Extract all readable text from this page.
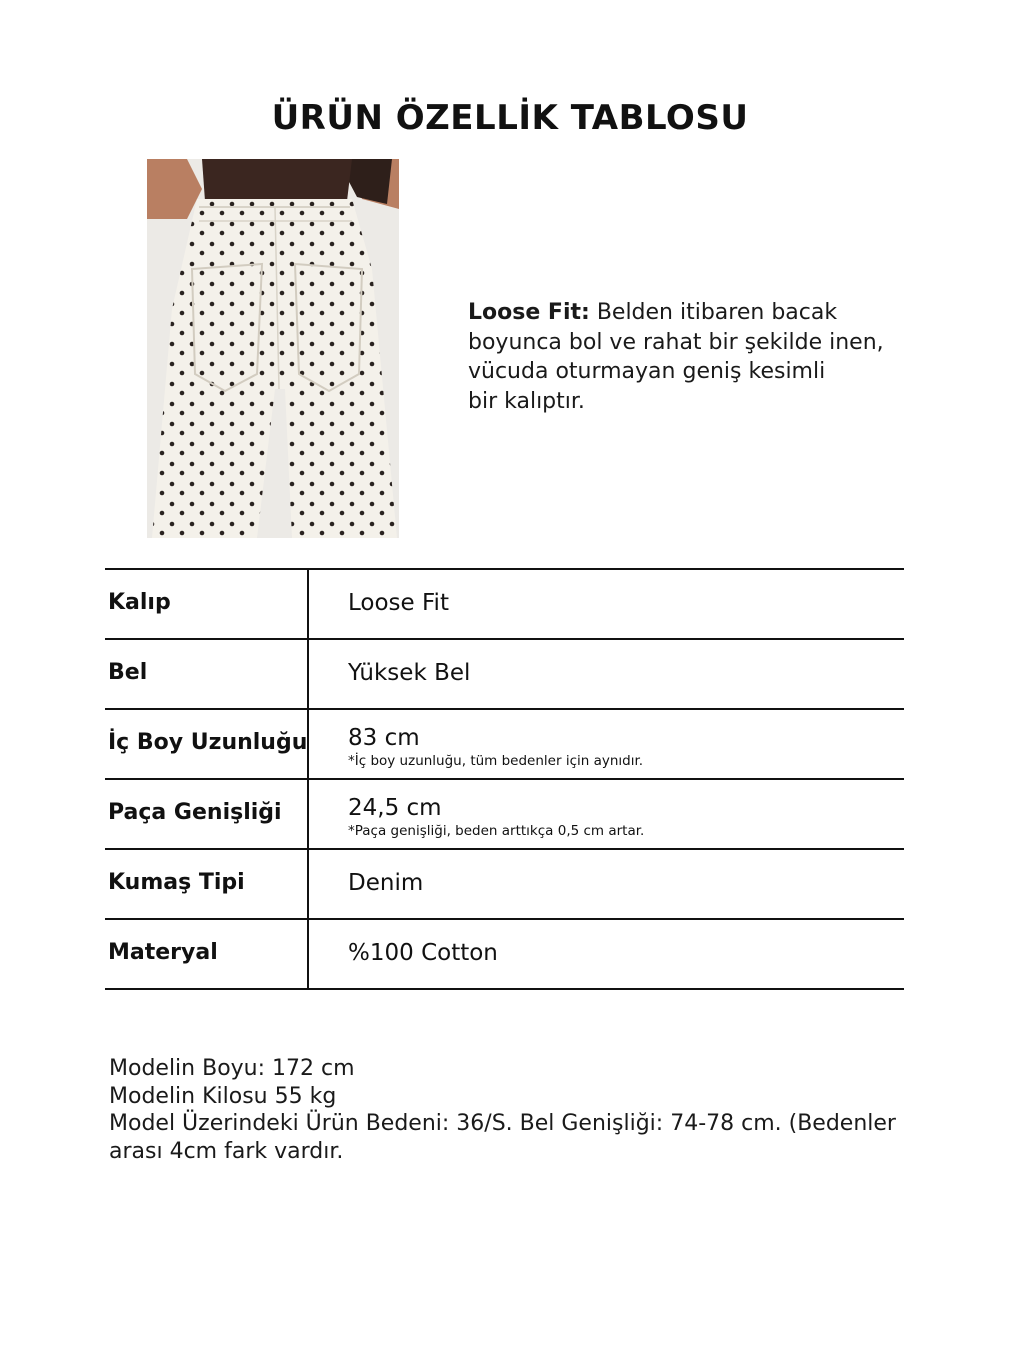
ÜRÜN ÖZELLİK TABLOSU
Loose Fit: Belden itibaren bacak
boyunca bol ve rahat bir şekilde inen,
vücuda oturmayan geniş kesimli
bir kalıptır.
Kalıp	Loose Fit
Bel	Yüksek Bel
İç Boy Uzunluğu 83 cm
*İç boy uzunluğu, tüm bedenler için aynıdır.
Paça Genişliği	24,5 cm
*Paça genişliği, beden arttıkça 0,5 cm artar.
Kumaş Tipi	Denim
Materyal	%100 Cotton
Modelin Boyu: 172 cm
Modelin Kilosu 55 kg
Model Üzerindeki Ürün Bedeni: 36/S. Bel Genişliği: 74-78 cm. (Bedenler
arası 4cm fark vardır.
